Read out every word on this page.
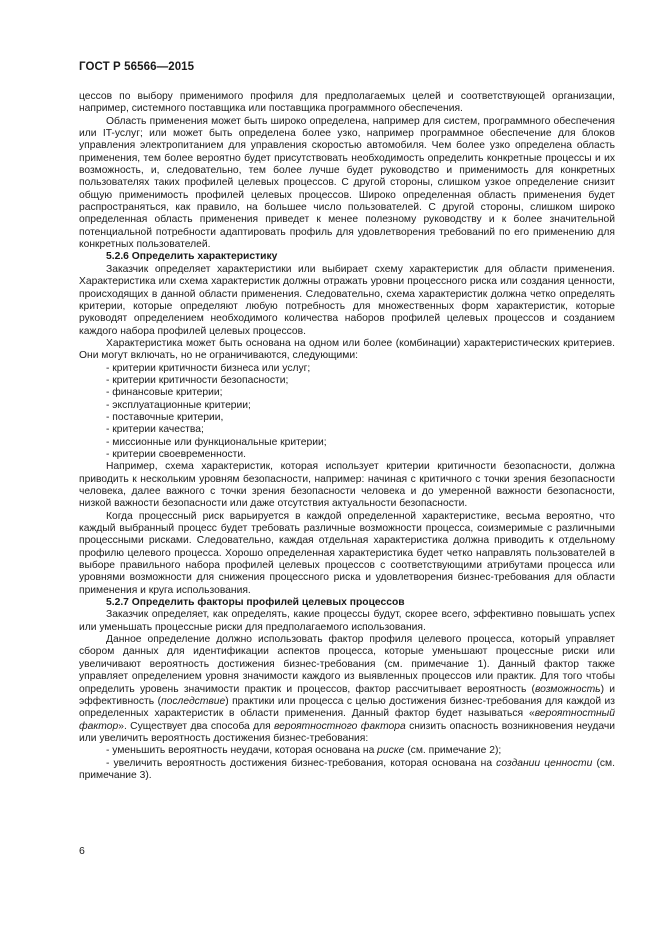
ГОСТ Р 56566—2015

цессов по выбору применимого профиля для предполагаемых целей и соответствующей организации, например, системного поставщика или поставщика программного обеспечения.

Область применения может быть широко определена, например для систем, программного обеспечения или IT-услуг; или может быть определена более узко, например программное обеспечение для блоков управления электропитанием для управления скоростью автомобиля. Чем более узко определена область применения, тем более вероятно будет присутствовать необходимость определить конкретные процессы и их возможность, и, следовательно, тем более лучше будет руководство и применимость для конкретных пользователях таких профилей целевых процессов. С другой стороны, слишком узкое определение снизит общую применимость профилей целевых процессов. Широко определенная область применения будет распространяться, как правило, на большее число пользователей. С другой стороны, слишком широко определенная область применения приведет к менее полезному руководству и к более значительной потенциальной потребности адаптировать профиль для удовлетворения требований по его применению для конкретных пользователей.

5.2.6 Определить характеристику

Заказчик определяет характеристики или выбирает схему характеристик для области применения. Характеристика или схема характеристик должны отражать уровни процессного риска или создания ценности, происходящих в данной области применения. Следовательно, схема характеристик должна четко определять критерии, которые определяют любую потребность для множественных форм характеристик, которые руководят определением необходимого количества наборов профилей целевых процессов и созданием каждого набора профилей целевых процессов.

Характеристика может быть основана на одном или более (комбинации) характеристических критериев. Они могут включать, но не ограничиваются, следующими:

- критерии критичности бизнеса или услуг;

- критерии критичности безопасности;

- финансовые критерии;

- эксплуатационные критерии;

- поставочные критерии,

- критерии качества;

- миссионные или функциональные критерии;

- критерии своевременности.

Например, схема характеристик, которая использует критерии критичности безопасности, должна приводить к нескольким уровням безопасности, например: начиная с критичного с точки зрения безопасности человека, далее важного с точки зрения безопасности человека и до умеренной важности безопасности, низкой важности безопасности или даже отсутствия актуальности безопасности.

Когда процессный риск варьируется в каждой определенной характеристике, весьма вероятно, что каждый выбранный процесс будет требовать различные возможности процесса, соизмеримые с различными процессными рисками. Следовательно, каждая отдельная характеристика должна приводить к отдельному профилю целевого процесса. Хорошо определенная характеристика будет четко направлять пользователей в выборе правильного набора профилей целевых процессов с соответствующими атрибутами процесса или уровнями возможности для снижения процессного риска и удовлетворения бизнес-требования для области применения и круга использования.

5.2.7 Определить факторы профилей целевых процессов

Заказчик определяет, как определять, какие процессы будут, скорее всего, эффективно повышать успех или уменьшать процессные риски для предполагаемого использования.

Данное определение должно использовать фактор профиля целевого процесса, который управляет сбором данных для идентификации аспектов процесса, которые уменьшают процессные риски или увеличивают вероятность достижения бизнес-требования (см. примечание 1). Данный фактор также управляет определением уровня значимости каждого из выявленных процессов или практик. Для того чтобы определить уровень значимости практик и процессов, фактор рассчитывает вероятность (возможность) и эффективность (последствие) практики или процесса с целью достижения бизнес-требования для каждой из определенных характеристик в области применения. Данный фактор будет называться «вероятностный фактор». Существует два способа для вероятностного фактора снизить опасность возникновения неудачи или увеличить вероятность достижения бизнес-требования:

- уменьшить вероятность неудачи, которая основана на риске (см. примечание 2);

- увеличить вероятность достижения бизнес-требования, которая основана на создании ценности (см. примечание 3).

6
